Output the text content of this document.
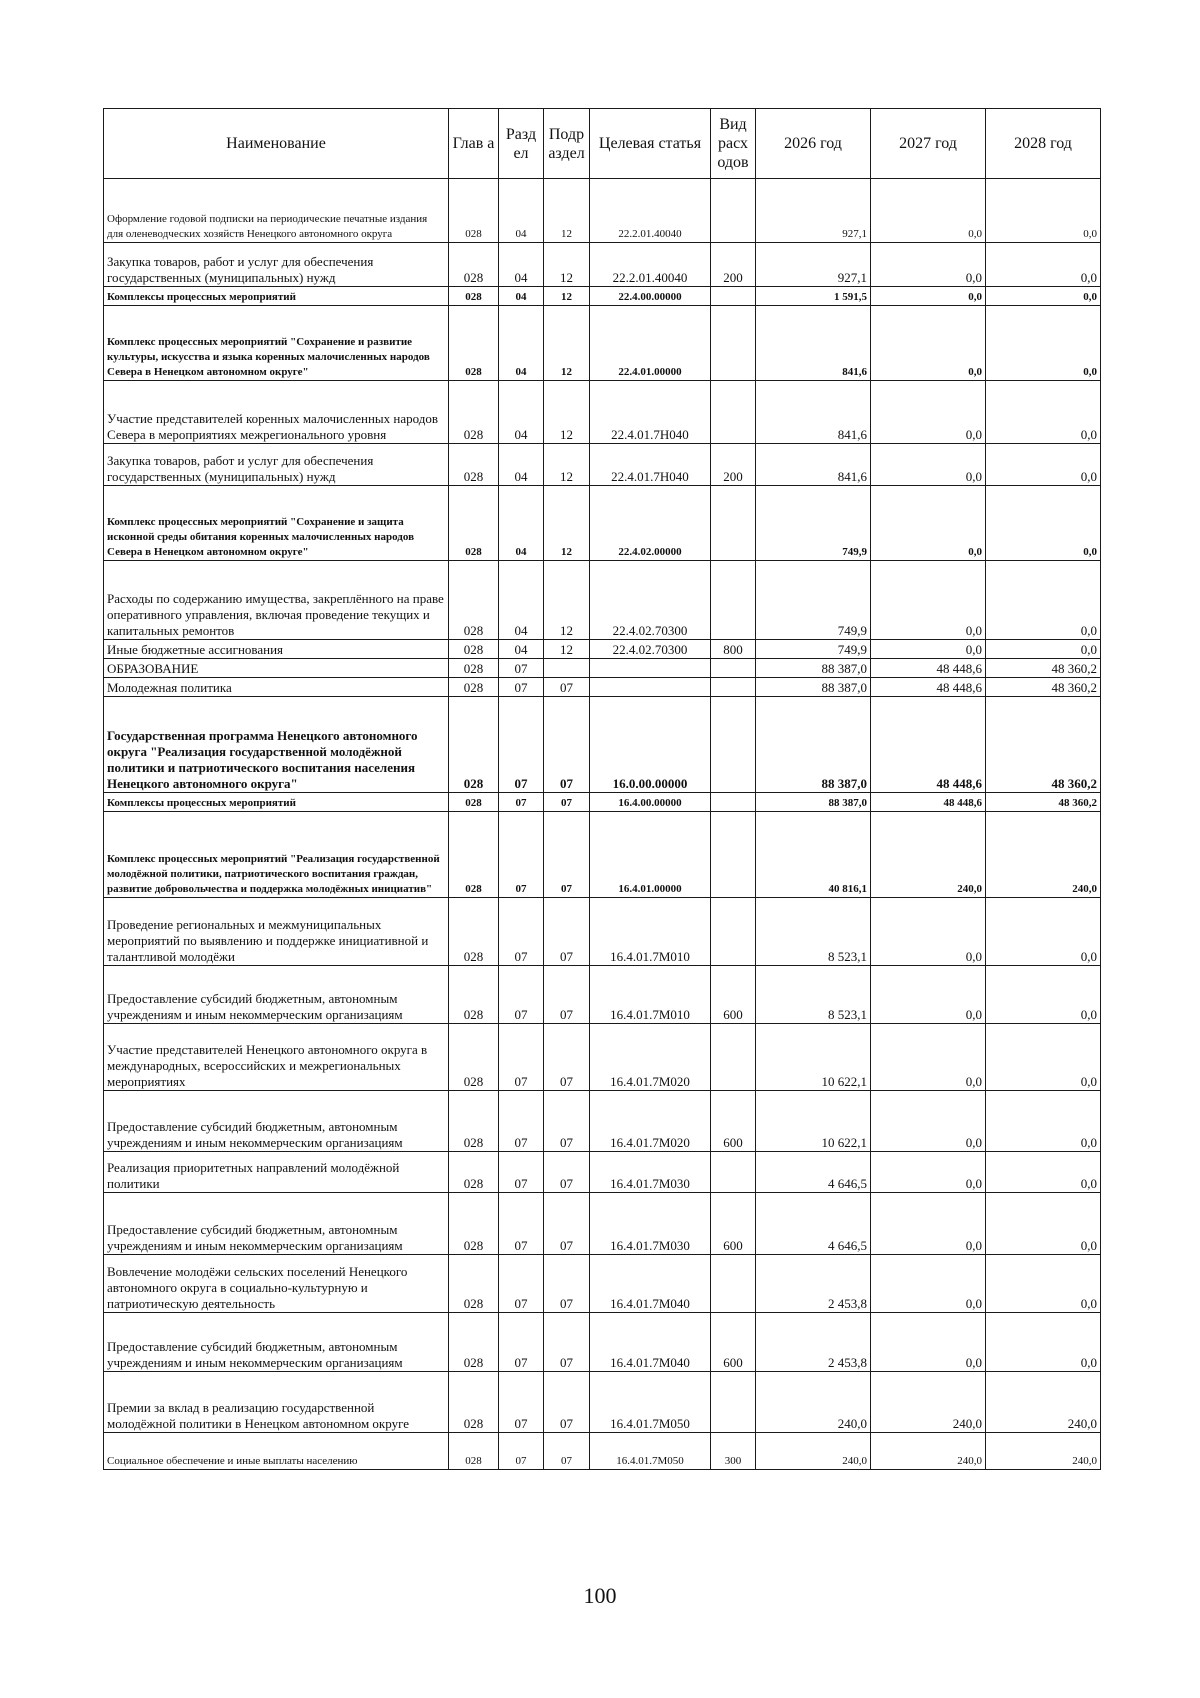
Наименование	Глав а	Разд ел	Подр аздел	Целевая статья	Вид расх одов	2026 год	2027 год	2028 год

Оформление годовой подписки на периодические печатные издания для оленеводческих хозяйств Ненецкого автономного округа	028	04	12	22.2.01.40040		927,1	0,0	0,0

Закупка товаров, работ и услуг для обеспечения государственных (муниципальных) нужд	028	04	12	22.2.01.40040	200	927,1	0,0	0,0

Комплексы процессных мероприятий	028	04	12	22.4.00.00000		1 591,5	0,0	0,0

Комплекс процессных мероприятий "Сохранение и развитие культуры, искусства и языка коренных малочисленных народов Севера в Ненецком автономном округе"	028	04	12	22.4.01.00000		841,6	0,0	0,0

Участие представителей коренных малочисленных народов Севера в мероприятиях межрегионального уровня	028	04	12	22.4.01.7Н040		841,6	0,0	0,0

Закупка товаров, работ и услуг для обеспечения государственных (муниципальных) нужд	028	04	12	22.4.01.7Н040	200	841,6	0,0	0,0

Комплекс процессных мероприятий "Сохранение и защита исконной среды обитания коренных малочисленных народов Севера в Ненецком автономном округе"	028	04	12	22.4.02.00000		749,9	0,0	0,0

Расходы по содержанию имущества, закреплённого на праве оперативного управления, включая проведение текущих и капитальных ремонтов	028	04	12	22.4.02.70300		749,9	0,0	0,0

Иные бюджетные ассигнования	028	04	12	22.4.02.70300	800	749,9	0,0	0,0

ОБРАЗОВАНИЕ	028	07				88 387,0	48 448,6	48 360,2

Молодежная политика	028	07	07			88 387,0	48 448,6	48 360,2

Государственная программа Ненецкого автономного округа "Реализация государственной молодёжной политики и патриотического воспитания населения Ненецкого автономного округа"	028	07	07	16.0.00.00000		88 387,0	48 448,6	48 360,2

Комплексы процессных мероприятий	028	07	07	16.4.00.00000		88 387,0	48 448,6	48 360,2

Комплекс процессных мероприятий "Реализация государственной молодёжной политики, патриотического воспитания граждан, развитие добровольчества и поддержка молодёжных инициатив"	028	07	07	16.4.01.00000		40 816,1	240,0	240,0

Проведение региональных и межмуниципальных мероприятий по выявлению и поддержке инициативной и талантливой молодёжи	028	07	07	16.4.01.7М010		8 523,1	0,0	0,0

Предоставление субсидий бюджетным, автономным учреждениям и иным некоммерческим организациям	028	07	07	16.4.01.7М010	600	8 523,1	0,0	0,0

Участие представителей Ненецкого автономного округа в международных, всероссийских и межрегиональных мероприятиях	028	07	07	16.4.01.7М020		10 622,1	0,0	0,0

Предоставление субсидий бюджетным, автономным учреждениям и иным некоммерческим организациям	028	07	07	16.4.01.7М020	600	10 622,1	0,0	0,0

Реализация приоритетных направлений молодёжной политики	028	07	07	16.4.01.7М030		4 646,5	0,0	0,0

Предоставление субсидий бюджетным, автономным учреждениям и иным некоммерческим организациям	028	07	07	16.4.01.7М030	600	4 646,5	0,0	0,0

Вовлечение молодёжи сельских поселений Ненецкого автономного округа в социально-культурную и патриотическую деятельность	028	07	07	16.4.01.7М040		2 453,8	0,0	0,0

Предоставление субсидий бюджетным, автономным учреждениям и иным некоммерческим организациям	028	07	07	16.4.01.7М040	600	2 453,8	0,0	0,0

Премии за вклад в реализацию государственной молодёжной политики в Ненецком автономном округе	028	07	07	16.4.01.7М050		240,0	240,0	240,0

Социальное обеспечение и иные выплаты населению	028	07	07	16.4.01.7М050	300	240,0	240,0	240,0
100
